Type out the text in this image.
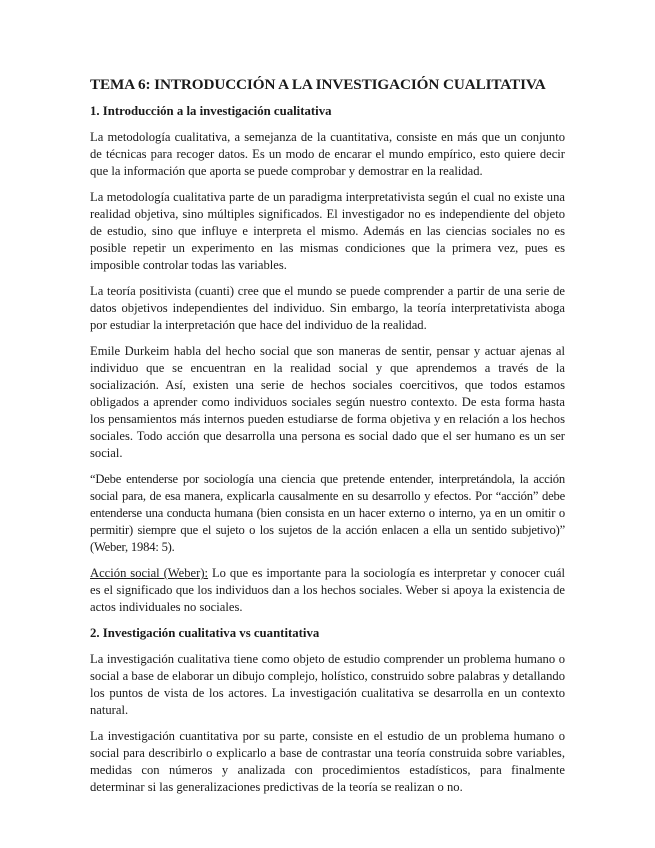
TEMA 6: INTRODUCCIÓN A LA INVESTIGACIÓN CUALITATIVA
1. Introducción a la investigación cualitativa

La metodología cualitativa, a semejanza de la cuantitativa, consiste en más que un conjunto de técnicas para recoger datos. Es un modo de encarar el mundo empírico, esto quiere decir que la información que aporta se puede comprobar y demostrar en la realidad.

La metodología cualitativa parte de un paradigma interpretativista según el cual no existe una realidad objetiva, sino múltiples significados. El investigador no es independiente del objeto de estudio, sino que influye e interpreta el mismo. Además en las ciencias sociales no es posible repetir un experimento en las mismas condiciones que la primera vez, pues es imposible controlar todas las variables.

La teoría positivista (cuanti) cree que el mundo se puede comprender a partir de una serie de datos objetivos independientes del individuo. Sin embargo, la teoría interpretativista aboga por estudiar la interpretación que hace del individuo de la realidad.

Emile Durkeim habla del hecho social que son maneras de sentir, pensar y actuar ajenas al individuo que se encuentran en la realidad social y que aprendemos a través de la socialización. Así, existen una serie de hechos sociales coercitivos, que todos estamos obligados a aprender como individuos sociales según nuestro contexto. De esta forma hasta los pensamientos más internos pueden estudiarse de forma objetiva y en relación a los hechos sociales. Todo acción que desarrolla una persona es social dado que el ser humano es un ser social.

“Debe entenderse por sociología una ciencia que pretende entender, interpretándola, la acción social para, de esa manera, explicarla causalmente en su desarrollo y efectos. Por “acción” debe entenderse una conducta humana (bien consista en un hacer externo o interno, ya en un omitir o permitir) siempre que el sujeto o los sujetos de la acción enlacen a ella un sentido subjetivo)” (Weber, 1984: 5).

Acción social (Weber): Lo que es importante para la sociología es interpretar y conocer cuál es el significado que los individuos dan a los hechos sociales. Weber si apoya la existencia de actos individuales no sociales.

2. Investigación cualitativa vs cuantitativa

La investigación cualitativa tiene como objeto de estudio comprender un problema humano o social a base de elaborar un dibujo complejo, holístico, construido sobre palabras y detallando los puntos de vista de los actores. La investigación cualitativa se desarrolla en un contexto natural.

La investigación cuantitativa por su parte, consiste en el estudio de un problema humano o social para describirlo o explicarlo a base de contrastar una teoría construida sobre variables, medidas con números y analizada con procedimientos estadísticos, para finalmente determinar si las generalizaciones predictivas de la teoría se realizan o no.
